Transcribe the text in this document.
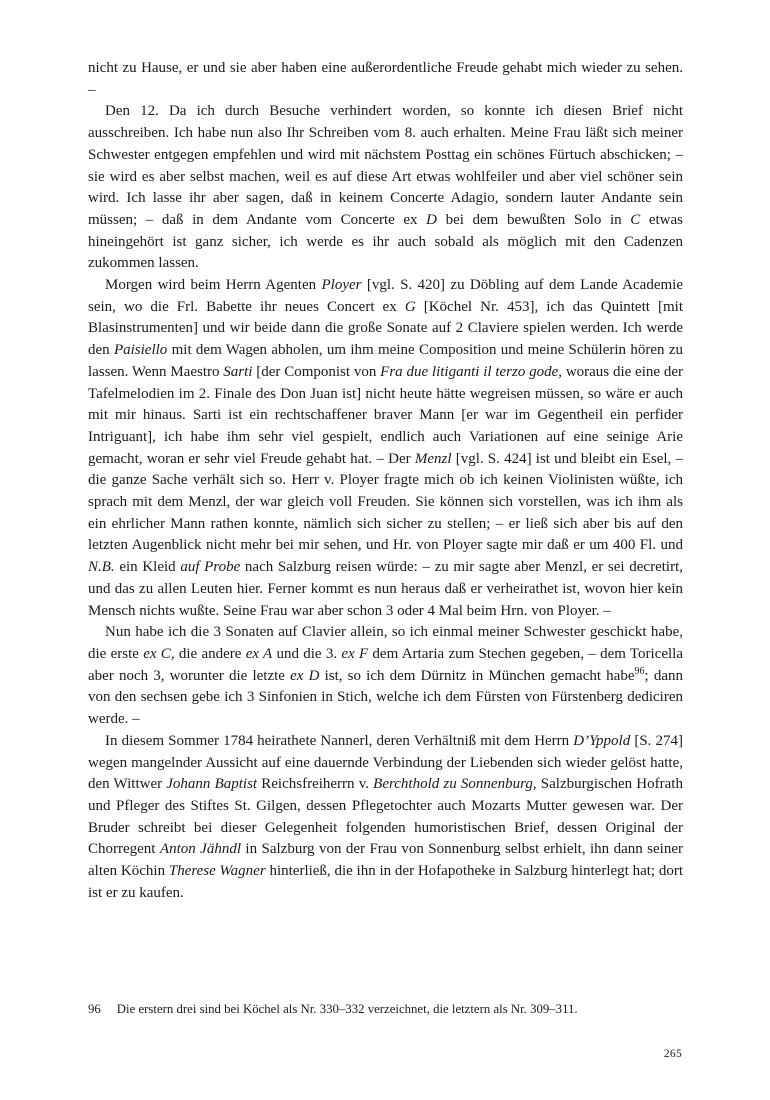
nicht zu Hause, er und sie aber haben eine außerordentliche Freude gehabt mich wieder zu sehen. –

Den 12. Da ich durch Besuche verhindert worden, so konnte ich diesen Brief nicht ausschreiben. Ich habe nun also Ihr Schreiben vom 8. auch erhalten. Meine Frau läßt sich meiner Schwester entgegen empfehlen und wird mit nächstem Posttag ein schönes Fürtuch abschicken; – sie wird es aber selbst machen, weil es auf diese Art etwas wohlfeiler und aber viel schöner sein wird. Ich lasse ihr aber sagen, daß in keinem Concerte Adagio, sondern lauter Andante sein müssen; – daß in dem Andante vom Concerte ex D bei dem bewußten Solo in C etwas hineingehört ist ganz sicher, ich werde es ihr auch sobald als möglich mit den Cadenzen zukommen lassen.

Morgen wird beim Herrn Agenten Ployer [vgl. S. 420] zu Döbling auf dem Lande Academie sein, wo die Frl. Babette ihr neues Concert ex G [Köchel Nr. 453], ich das Quintett [mit Blasinstrumenten] und wir beide dann die große Sonate auf 2 Claviere spielen werden. Ich werde den Paisiello mit dem Wagen abholen, um ihm meine Composition und meine Schülerin hören zu lassen. Wenn Maestro Sarti [der Componist von Fra due litiganti il terzo gode, woraus die eine der Tafelmelodien im 2. Finale des Don Juan ist] nicht heute hätte wegreisen müssen, so wäre er auch mit mir hinaus. Sarti ist ein rechtschaffener braver Mann [er war im Gegentheil ein perfider Intriguant], ich habe ihm sehr viel gespielt, endlich auch Variationen auf eine seinige Arie gemacht, woran er sehr viel Freude gehabt hat. – Der Menzl [vgl. S. 424] ist und bleibt ein Esel, – die ganze Sache verhält sich so. Herr v. Ployer fragte mich ob ich keinen Violinisten wüßte, ich sprach mit dem Menzl, der war gleich voll Freuden. Sie können sich vorstellen, was ich ihm als ein ehrlicher Mann rathen konnte, nämlich sich sicher zu stellen; – er ließ sich aber bis auf den letzten Augenblick nicht mehr bei mir sehen, und Hr. von Ployer sagte mir daß er um 400 Fl. und N.B. ein Kleid auf Probe nach Salzburg reisen würde: – zu mir sagte aber Menzl, er sei decretirt, und das zu allen Leuten hier. Ferner kommt es nun heraus daß er verheirathet ist, wovon hier kein Mensch nichts wußte. Seine Frau war aber schon 3 oder 4 Mal beim Hrn. von Ployer. –

Nun habe ich die 3 Sonaten auf Clavier allein, so ich einmal meiner Schwester geschickt habe, die erste ex C, die andere ex A und die 3. ex F dem Artaria zum Stechen gegeben, – dem Toricella aber noch 3, worunter die letzte ex D ist, so ich dem Dürnitz in München gemacht habe$^{96}$; dann von den sechsen gebe ich 3 Sinfonien in Stich, welche ich dem Fürsten von Fürstenberg dediciren werde. –

In diesem Sommer 1784 heirathete Nannerl, deren Verhältniß mit dem Herrn D’Yppold [S. 274] wegen mangelnder Aussicht auf eine dauernde Verbindung der Liebenden sich wieder gelöst hatte, den Wittwer Johann Baptist Reichsfreiherrn v. Berchthold zu Sonnenburg, Salzburgischen Hofrath und Pfleger des Stiftes St. Gilgen, dessen Pflegetochter auch Mozarts Mutter gewesen war. Der Bruder schreibt bei dieser Gelegenheit folgenden humoristischen Brief, dessen Original der Chorregent Anton Jähndl in Salzburg von der Frau von Sonnenburg selbst erhielt, ihn dann seiner alten Köchin Therese Wagner hinterließ, die ihn in der Hofapotheke in Salzburg hinterlegt hat; dort ist er zu kaufen.

96 Die erstern drei sind bei Köchel als Nr. 330–332 verzeichnet, die letztern als Nr. 309–311.
265
